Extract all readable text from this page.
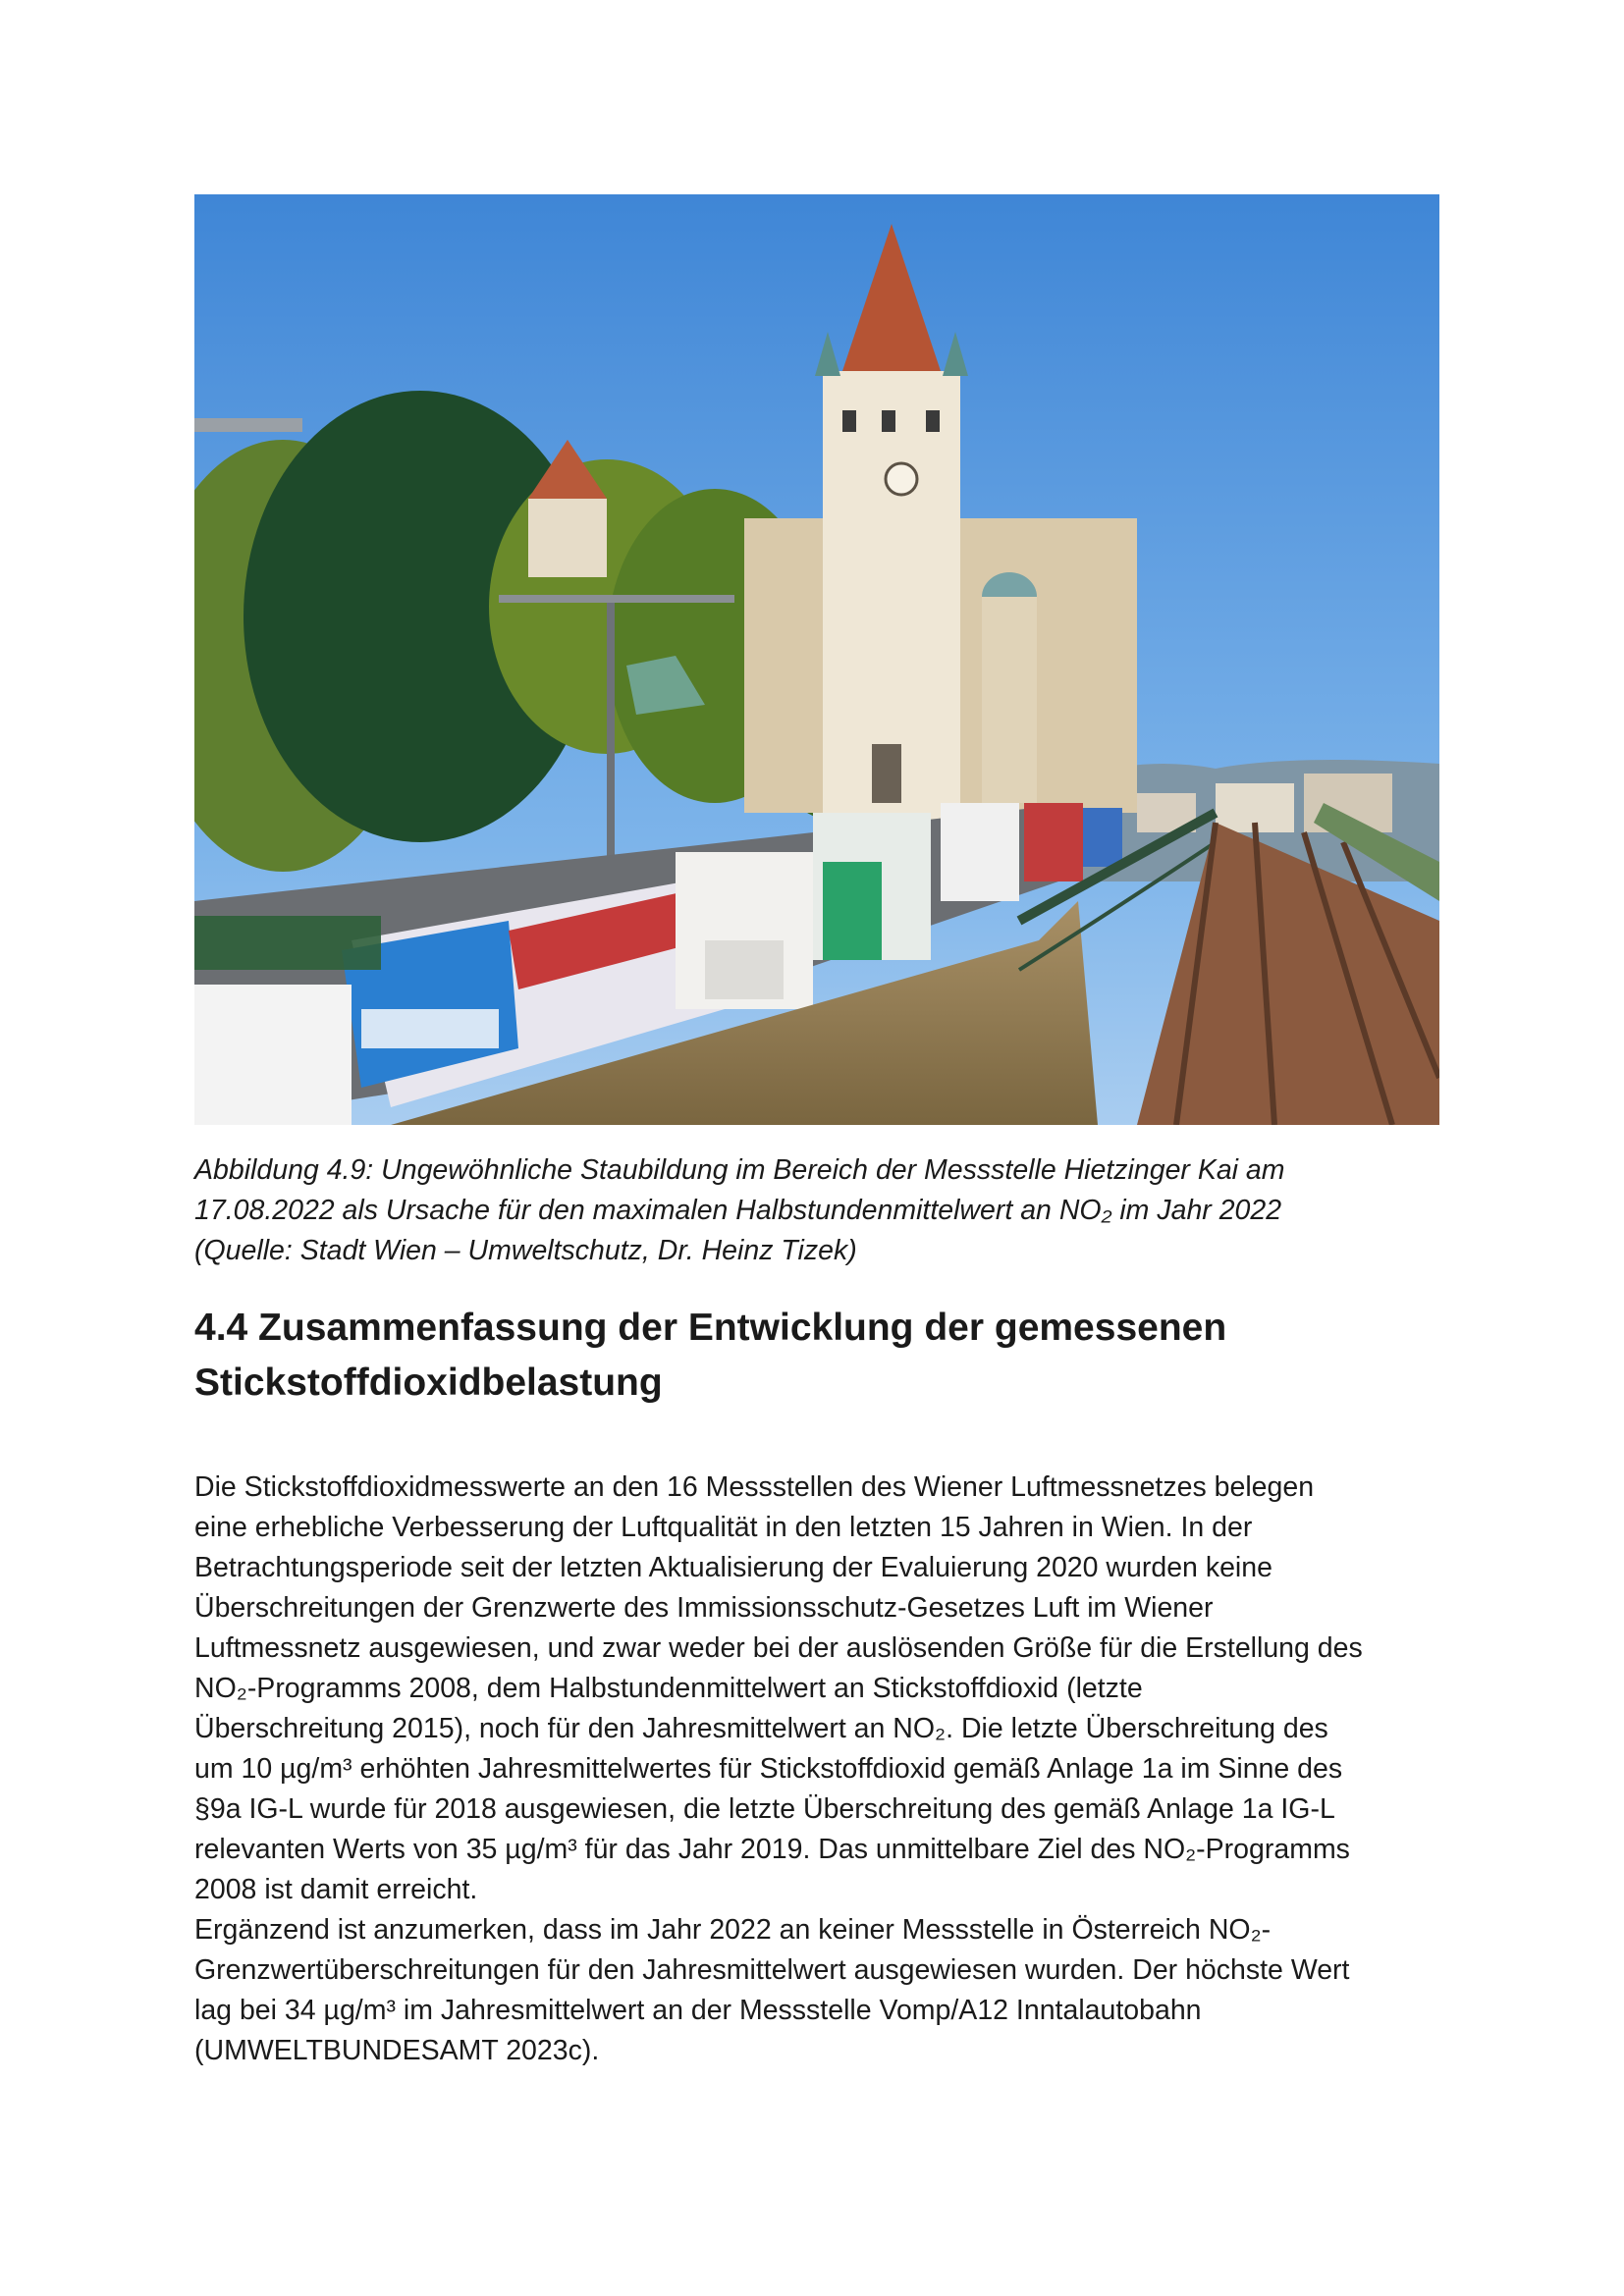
Abbildung 4.9: Ungewöhnliche Staubildung im Bereich der Messstelle Hietzinger Kai am
17.08.2022 als Ursache für den maximalen Halbstundenmittelwert an NO₂ im Jahr 2022
(Quelle: Stadt Wien – Umweltschutz, Dr. Heinz Tizek)

4.4 Zusammenfassung der Entwicklung der gemessenen
Stickstoffdioxidbelastung

Die Stickstoffdioxidmesswerte an den 16 Messstellen des Wiener Luftmessnetzes belegen
eine erhebliche Verbesserung der Luftqualität in den letzten 15 Jahren in Wien. In der
Betrachtungsperiode seit der letzten Aktualisierung der Evaluierung 2020 wurden keine
Überschreitungen der Grenzwerte des Immissionsschutz-Gesetzes Luft im Wiener
Luftmessnetz ausgewiesen, und zwar weder bei der auslösenden Größe für die Erstellung des
NO₂-Programms 2008, dem Halbstundenmittelwert an Stickstoffdioxid (letzte
Überschreitung 2015), noch für den Jahresmittelwert an NO₂. Die letzte Überschreitung des
um 10 µg/m³ erhöhten Jahresmittelwertes für Stickstoffdioxid gemäß Anlage 1a im Sinne des
§9a IG-L wurde für 2018 ausgewiesen, die letzte Überschreitung des gemäß Anlage 1a IG-L
relevanten Werts von 35 µg/m³ für das Jahr 2019. Das unmittelbare Ziel des NO₂-Programms
2008 ist damit erreicht.
Ergänzend ist anzumerken, dass im Jahr 2022 an keiner Messstelle in Österreich NO₂-
Grenzwertüberschreitungen für den Jahresmittelwert ausgewiesen wurden. Der höchste Wert
lag bei 34 µg/m³ im Jahresmittelwert an der Messstelle Vomp/A12 Inntalautobahn
(UMWELTBUNDESAMT 2023c).
